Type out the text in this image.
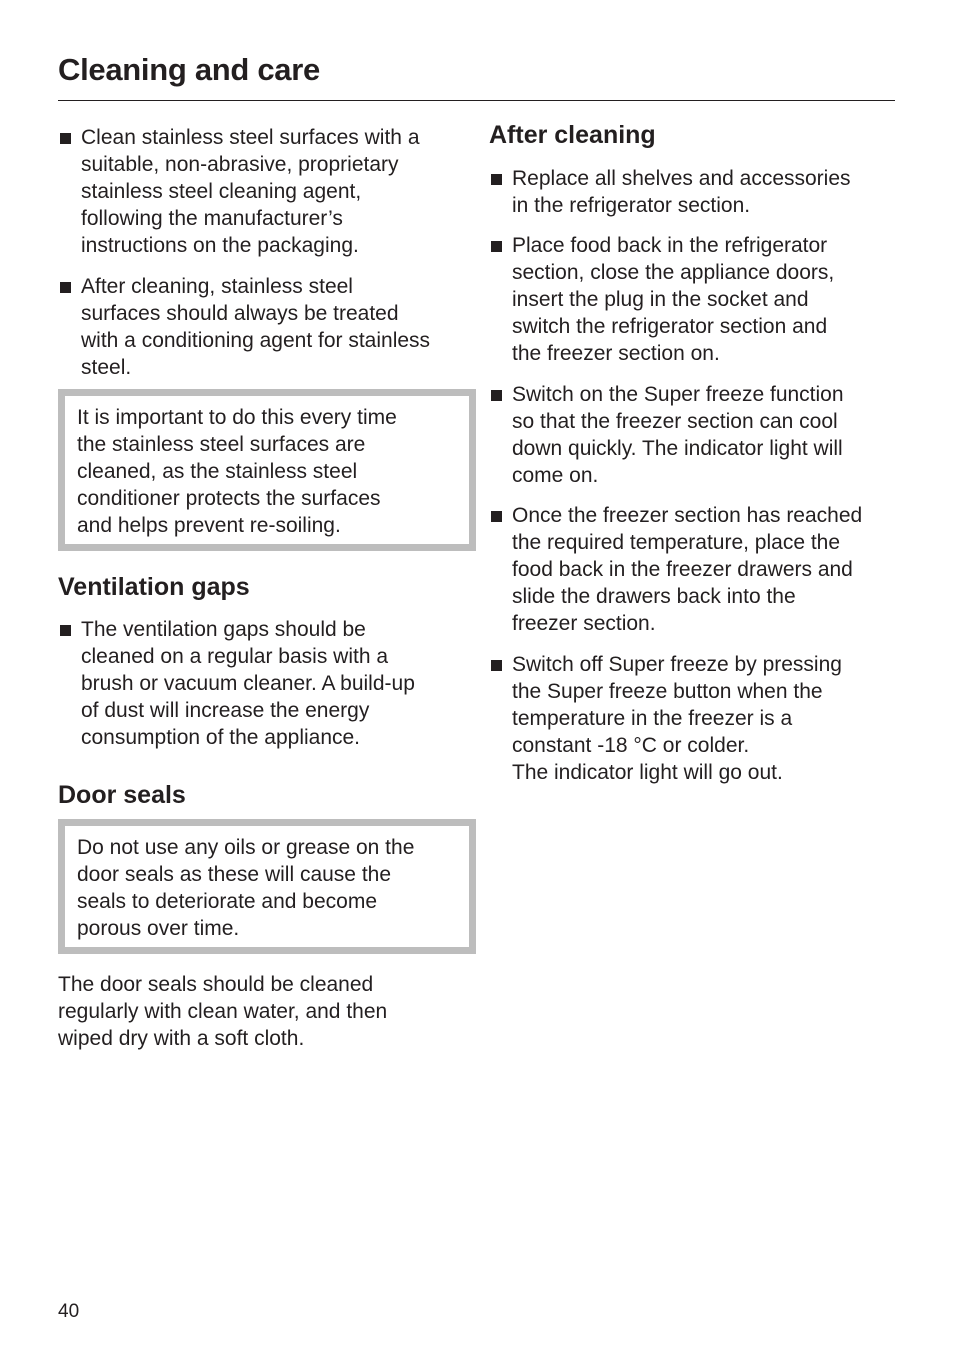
Cleaning and care
Clean stainless steel surfaces with a
suitable, non-abrasive, proprietary
stainless steel cleaning agent,
following the manufacturer’s
instructions on the packaging.
After cleaning, stainless steel
surfaces should always be treated
with a conditioning agent for stainless
steel.
It is important to do this every time
the stainless steel surfaces are
cleaned, as the stainless steel
conditioner protects the surfaces
and helps prevent re-soiling.
Ventilation gaps
The ventilation gaps should be
cleaned on a regular basis with a
brush or vacuum cleaner. A build-up
of dust will increase the energy
consumption of the appliance.
Door seals
Do not use any oils or grease on the
door seals as these will cause the
seals to deteriorate and become
porous over time.
The door seals should be cleaned
regularly with clean water, and then
wiped dry with a soft cloth.
After cleaning
Replace all shelves and accessories
in the refrigerator section.
Place food back in the refrigerator
section, close the appliance doors,
insert the plug in the socket and
switch the refrigerator section and
the freezer section on.
Switch on the Super freeze function
so that the freezer section can cool
down quickly. The indicator light will
come on.
Once the freezer section has reached
the required temperature, place the
food back in the freezer drawers and
slide the drawers back into the
freezer section.
Switch off Super freeze by pressing
the Super freeze button when the
temperature in the freezer is a
constant -18 °C or colder.
The indicator light will go out.
40
